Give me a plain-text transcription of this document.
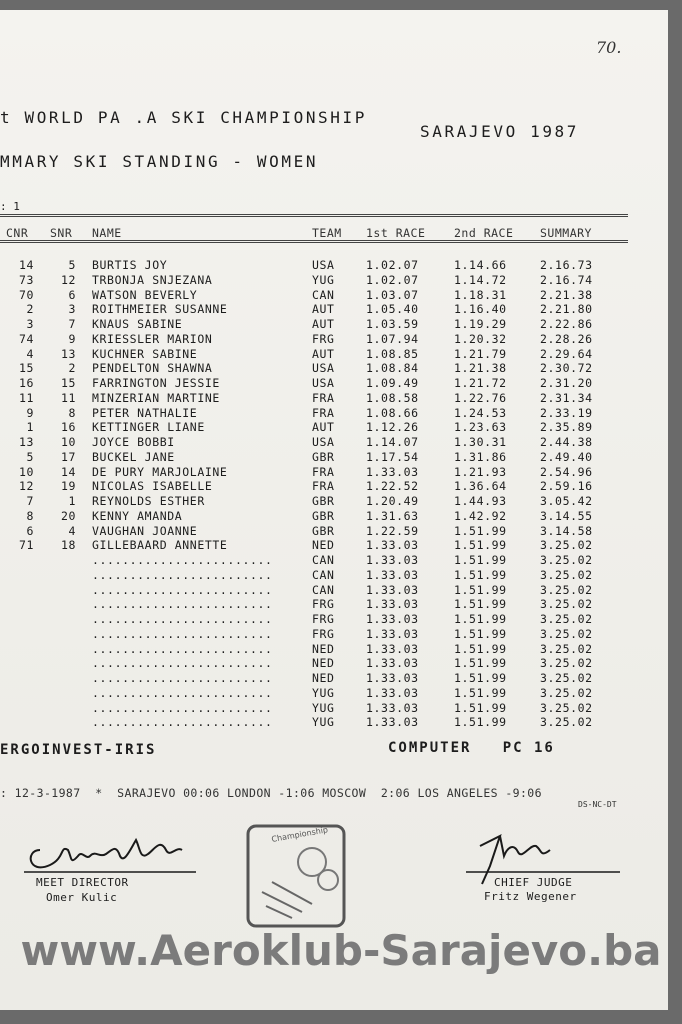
70.
t WORLD PA .A SKI CHAMPIONSHIP
SARAJEVO 1987
MMARY SKI STANDING - WOMEN
: 1
CNR SNR NAME	TEAM 1st RACE 2nd RACE SUMMARY
14	5 BURTIS JOY	USA	1.02.07	1.14.66	2.16.73
73	12 TRBONJA SNJEZANA	YUG	1.02.07	1.14.72	2.16.74
70	6 WATSON BEVERLY	CAN	1.03.07	1.18.31	2.21.38
2	3 ROITHMEIER SUSANNE	AUT	1.05.40	1.16.40	2.21.80
3	7 KNAUS SABINE	AUT	1.03.59	1.19.29	2.22.86
74	9 KRIESSLER MARION	FRG	1.07.94	1.20.32	2.28.26
4	13 KUCHNER SABINE	AUT	1.08.85	1.21.79	2.29.64
15	2 PENDELTON SHAWNA	USA	1.08.84	1.21.38	2.30.72
16	15 FARRINGTON JESSIE	USA	1.09.49	1.21.72	2.31.20
11	11 MINZERIAN MARTINE	FRA	1.08.58	1.22.76	2.31.34
9	8 PETER NATHALIE	FRA	1.08.66	1.24.53	2.33.19
1	16 KETTINGER LIANE	AUT	1.12.26	1.23.63	2.35.89
13	10 JOYCE BOBBI	USA	1.14.07	1.30.31	2.44.38
5	17 BUCKEL JANE	GBR	1.17.54	1.31.86	2.49.40
10	14 DE PURY MARJOLAINE	FRA	1.33.03	1.21.93	2.54.96
12	19 NICOLAS ISABELLE	FRA	1.22.52	1.36.64	2.59.16
7	1 REYNOLDS ESTHER	GBR	1.20.49	1.44.93	3.05.42
8	20 KENNY AMANDA	GBR	1.31.63	1.42.92	3.14.55
6	4 VAUGHAN JOANNE	GBR	1.22.59	1.51.99	3.14.58
71	18 GILLEBAARD ANNETTE	NED	1.33.03	1.51.99	3.25.02
........................	CAN	1.33.03	1.51.99	3.25.02
........................	CAN	1.33.03	1.51.99	3.25.02
........................	CAN	1.33.03	1.51.99	3.25.02
........................	FRG	1.33.03	1.51.99	3.25.02
........................	FRG	1.33.03	1.51.99	3.25.02
........................	FRG	1.33.03	1.51.99	3.25.02
........................	NED	1.33.03	1.51.99	3.25.02
........................	NED	1.33.03	1.51.99	3.25.02
........................	NED	1.33.03	1.51.99	3.25.02
........................	YUG	1.33.03	1.51.99	3.25.02
........................	YUG	1.33.03	1.51.99	3.25.02
........................	YUG	1.33.03	1.51.99	3.25.02
ERGOINVEST-IRIS	COMPUTER   PC 16
: 12-3-1987  *  SARAJEVO 00:06 LONDON -1:06 MOSCOW  2:06 LOS ANGELES -9:06
DS-NC-DT
MEET DIRECTOR
Omer Kulic
Championship
CHIEF JUDGE
Fritz Wegener
www.Aeroklub-Sarajevo.ba
